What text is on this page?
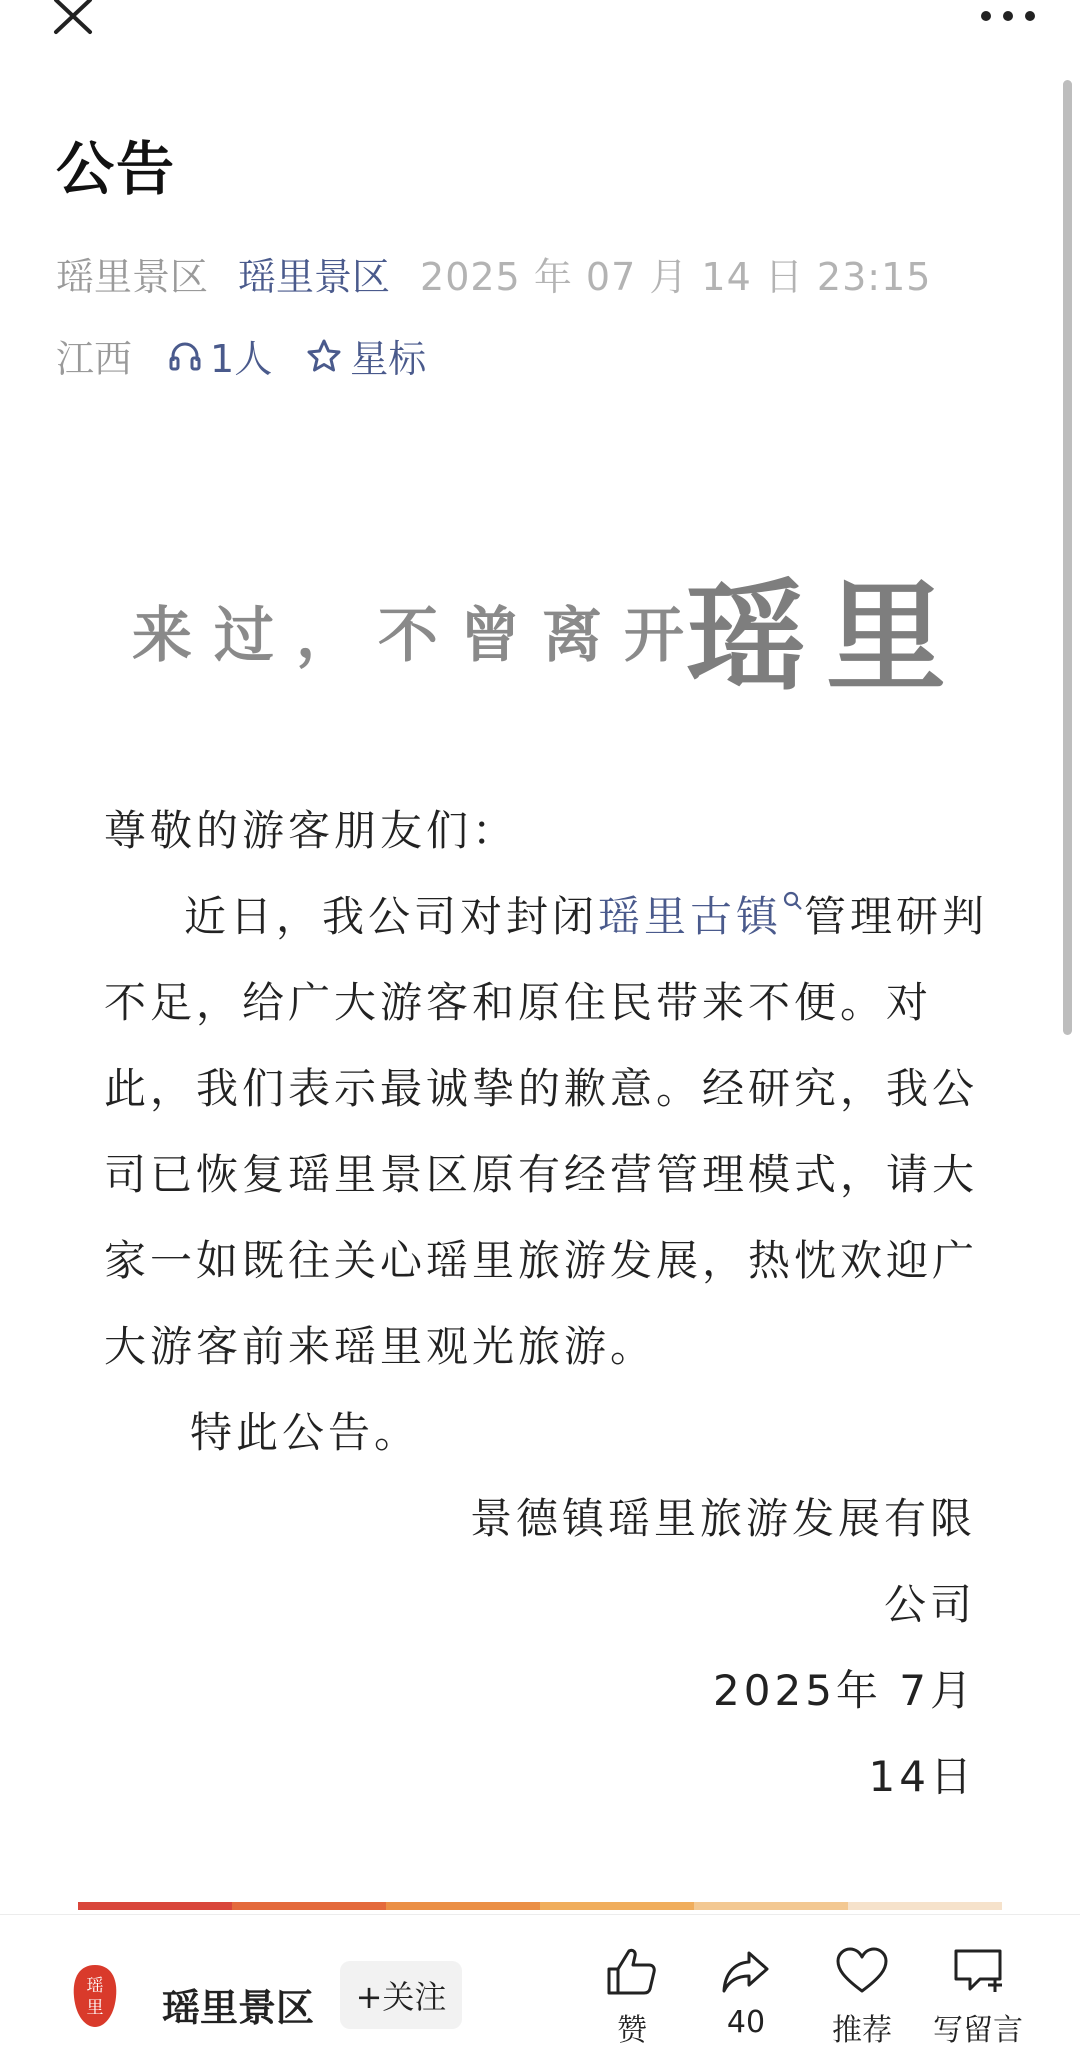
公告
瑶里景区 瑶里景区 2025 年 07 月 14 日 23:15
江西 1人 星标
来过，不曾离开
瑶里
尊敬的游客朋友们：
近日，我公司对封闭瑶里古镇 管理研判
不足，给广大游客和原住民带来不便。对
此，我们表示最诚挚的歉意。经研究，我公
司已恢复瑶里景区原有经营管理模式，请大
家一如既往关心瑶里旅游发展，热忱欢迎广
大游客前来瑶里观光旅游。
特此公告。
景德镇瑶里旅游发展有限
公司
2025年 7月
14日
瑶
里 瑶里景区	+关注
赞	40	推荐	写留言
